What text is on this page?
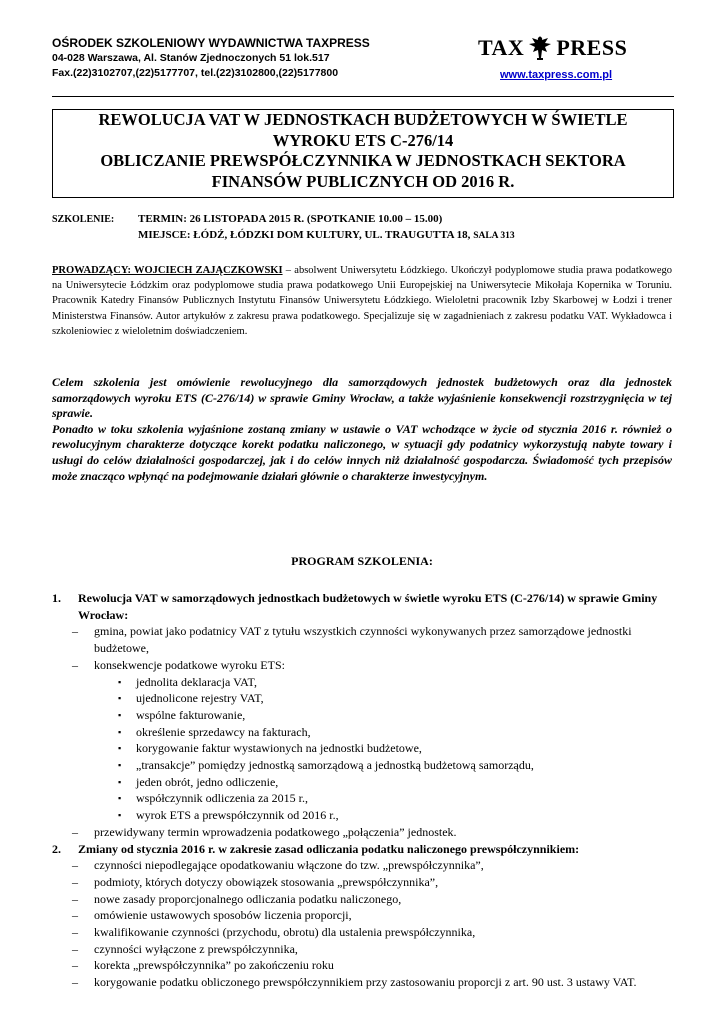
OŚRODEK SZKOLENIOWY WYDAWNICTWA TAXPRESS
04-028 Warszawa, Al. Stanów Zjednoczonych 51 lok.517
Fax.(22)3102707,(22)5177707, tel.(22)3102800,(22)5177800
TAX PRESS
www.taxpress.com.pl
REWOLUCJA VAT W JEDNOSTKACH BUDŻETOWYCH W ŚWIETLE
WYROKU ETS C-276/14
OBLICZANIE PREWSPÓŁCZYNNIKA W JEDNOSTKACH SEKTORA
FINANSÓW PUBLICZNYCH OD 2016 R.
SZKOLENIE: TERMIN: 26 LISTOPADA 2015 R. (SPOTKANIE 10.00 – 15.00)
MIEJSCE: ŁÓDŹ, ŁÓDZKI DOM KULTURY, UL. TRAUGUTTA 18, SALA 313
PROWADZĄCY: WOJCIECH ZAJĄCZKOWSKI – absolwent Uniwersytetu Łódzkiego. Ukończył podyplomowe studia prawa podatkowego na Uniwersytecie Łódzkim oraz podyplomowe studia prawa podatkowego Unii Europejskiej na Uniwersytecie Mikołaja Kopernika w Toruniu. Pracownik Katedry Finansów Publicznych Instytutu Finansów Uniwersytetu Łódzkiego. Wieloletni pracownik Izby Skarbowej w Łodzi i trener Ministerstwa Finansów. Autor artykułów z zakresu prawa podatkowego. Specjalizuje się w zagadnieniach z zakresu podatku VAT. Wykładowca i szkoleniowiec z wieloletnim doświadczeniem.

Celem szkolenia jest omówienie rewolucyjnego dla samorządowych jednostek budżetowych oraz dla jednostek samorządowych wyroku ETS (C-276/14) w sprawie Gminy Wrocław, a także wyjaśnienie konsekwencji rozstrzygnięcia w tej sprawie.

Ponadto w toku szkolenia wyjaśnione zostaną zmiany w ustawie o VAT wchodzące w życie od stycznia 2016 r. również o rewolucyjnym charakterze dotyczące korekt podatku naliczonego, w sytuacji gdy podatnicy wykorzystują nabyte towary i usługi do celów działalności gospodarczej, jak i do celów innych niż działalność gospodarcza. Świadomość tych przepisów może znacząco wpłynąć na podejmowanie działań głównie o charakterze inwestycyjnym.

PROGRAM SZKOLENIA:
1. Rewolucja VAT w samorządowych jednostkach budżetowych w świetle wyroku ETS (C-276/14) w sprawie Gminy Wrocław:
– gmina, powiat jako podatnicy VAT z tytułu wszystkich czynności wykonywanych przez samorządowe jednostki budżetowe,
– konsekwencje podatkowe wyroku ETS:
▪ jednolita deklaracja VAT,
▪ ujednolicone rejestry VAT,
▪ wspólne fakturowanie,
▪ określenie sprzedawcy na fakturach,
▪ korygowanie faktur wystawionych na jednostki budżetowe,
▪ „transakcje” pomiędzy jednostką samorządową a jednostką budżetową samorządu,
▪ jeden obrót, jedno odliczenie,
▪ współczynnik odliczenia za 2015 r.,
▪ wyrok ETS a prewspółczynnik od 2016 r.,
– przewidywany termin wprowadzenia podatkowego „połączenia” jednostek.
2. Zmiany od stycznia 2016 r. w zakresie zasad odliczania podatku naliczonego prewspółczynnikiem:
– czynności niepodlegające opodatkowaniu włączone do tzw. „prewspółczynnika”,
– podmioty, których dotyczy obowiązek stosowania „prewspółczynnika”,
– nowe zasady proporcjonalnego odliczania podatku naliczonego,
– omówienie ustawowych sposobów liczenia proporcji,
– kwalifikowanie czynności (przychodu, obrotu) dla ustalenia prewspółczynnika,
– czynności wyłączone z prewspółczynnika,
– korekta „prewspółczynnika” po zakończeniu roku
– korygowanie podatku obliczonego prewspółczynnikiem przy zastosowaniu proporcji z art. 90 ust. 3 ustawy VAT.
